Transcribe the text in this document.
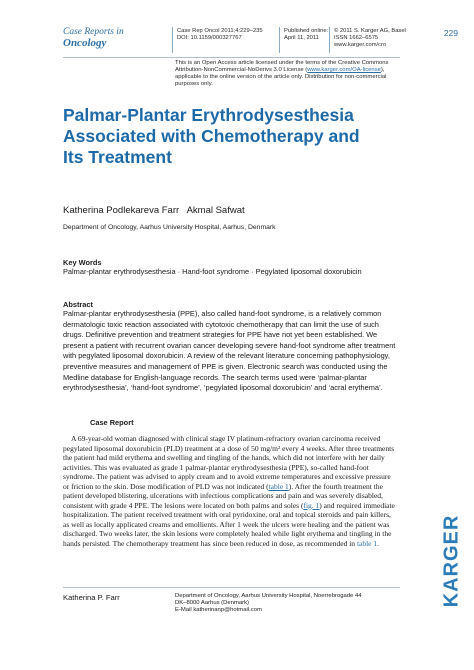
Case Reports in
Oncology
Case Rep Oncol 2011;4:229–235
DOI: 10.1159/000327767
Published online:
April 11, 2011
© 2011 S. Karger AG, Basel
ISSN 1662–6575
www.karger.com/cro
229
This is an Open Access article licensed under the terms of the Creative Commons Attribution-NonCommercial-NoDerivs 3.0 License (www.karger.com/OA-license), applicable to the online version of the article only. Distribution for non-commercial purposes only.
Palmar-Plantar Erythrodysesthesia Associated with Chemotherapy and Its Treatment
Katherina Podlekareva Farr   Akmal Safwat
Department of Oncology, Aarhus University Hospital, Aarhus, Denmark
Key Words
Palmar-plantar erythrodysesthesia · Hand-foot syndrome · Pegylated liposomal doxorubicin
Abstract
Palmar-plantar erythrodysesthesia (PPE), also called hand-foot syndrome, is a relatively common dermatologic toxic reaction associated with cytotoxic chemotherapy that can limit the use of such drugs. Definitive prevention and treatment strategies for PPE have not yet been established. We present a patient with recurrent ovarian cancer developing severe hand-foot syndrome after treatment with pegylated liposomal doxorubicin. A review of the relevant literature concerning pathophysiology, preventive measures and management of PPE is given. Electronic search was conducted using the Medline database for English-language records. The search terms used were ‘palmar-plantar erythrodysesthesia’, ‘hand-foot syndrome’, ‘pegylated liposomal doxorubicin’ and ‘acral erythema’.
Case Report
A 69-year-old woman diagnosed with clinical stage IV platinum-refractory ovarian carcinoma received pegylated liposomal doxorubicin (PLD) treatment at a dose of 50 mg/m² every 4 weeks. After three treatments the patient had mild erythema and swelling and tingling of the hands, which did not interfere with her daily activities. This was evaluated as grade 1 palmar-plantar erythrodysesthesia (PPE), so-called hand-foot syndrome. The patient was advised to apply cream and to avoid extreme temperatures and excessive pressure or friction to the skin. Dose modification of PLD was not indicated (table 1). After the fourth treatment the patient developed blistering, ulcerations with infectious complications and pain and was severely disabled, consistent with grade 4 PPE. The lesions were located on both palms and soles (fig. 1) and required immediate hospitalization. The patient received treatment with oral pyridoxine, oral and topical steroids and pain killers, as well as locally applicated creams and emollients. After 1 week the ulcers were healing and the patient was discharged. Two weeks later, the skin lesions were completely healed while light erythema and tingling in the hands persisted. The chemotherapy treatment has since been reduced in dose, as recommended in table 1.	KARGER
Katherina P. Farr	Department of Oncology, Aarhus University Hospital, Noerrebrogade 44
DK–8000 Aarhus (Denmark)
E-Mail katherinanp@hotmail.com
